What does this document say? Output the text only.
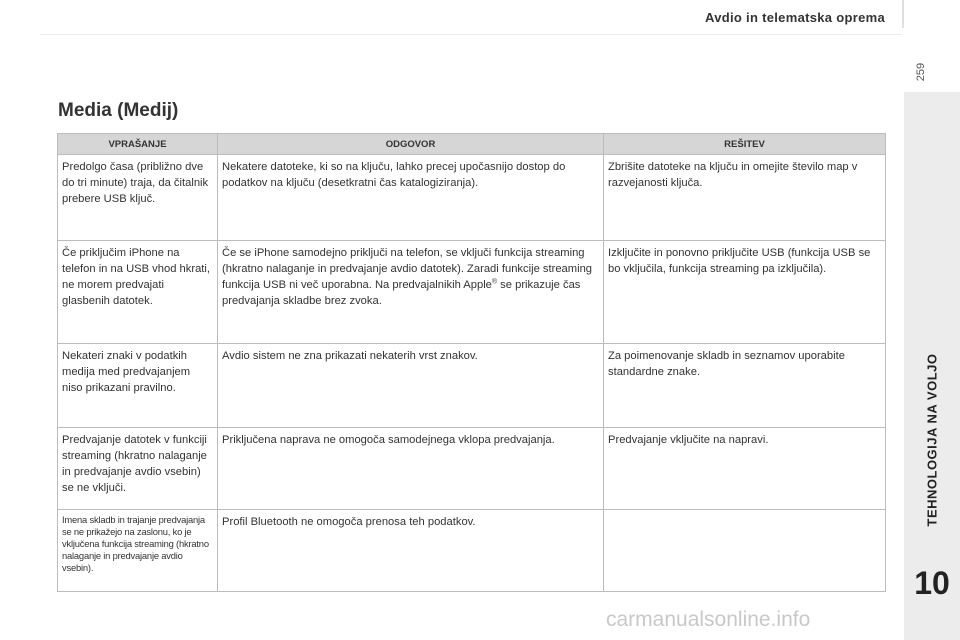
Avdio in telematska oprema
259
TEHNOLOGIJA NA VOLJO
10
Media (Medij)
VPRAŠANJE	ODGOVOR	REŠITEV
Predolgo časa (približno dve do tri minute) traja, da čitalnik prebere USB ključ.	Nekatere datoteke, ki so na ključu, lahko precej upočasnijo dostop do podatkov na ključu (desetkratni čas katalogiziranja).	Zbrišite datoteke na ključu in omejite število map v razvejanosti ključa.
Če priključim iPhone na telefon in na USB vhod hkrati, ne morem predvajati glasbenih datotek.	Če se iPhone samodejno priključi na telefon, se vključi funkcija streaming (hkratno nalaganje in predvajanje avdio datotek). Zaradi funkcije streaming funkcija USB ni več uporabna. Na predvajalnikih Apple® se prikazuje čas predvajanja skladbe brez zvoka.	Izključite in ponovno priključite USB (funkcija USB se bo vključila, funkcija streaming pa izključila).
Nekateri znaki v podatkih medija med predvajanjem niso prikazani pravilno.	Avdio sistem ne zna prikazati nekaterih vrst znakov.	Za poimenovanje skladb in seznamov uporabite standardne znake.
Predvajanje datotek v funkciji streaming (hkratno nalaganje in predvajanje avdio vsebin) se ne vključi.	Priključena naprava ne omogoča samodejnega vklopa predvajanja.	Predvajanje vključite na napravi.
Imena skladb in trajanje predvajanja se ne prikažejo na zaslonu, ko je vključena funkcija streaming (hkratno nalaganje in predvajanje avdio vsebin).	Profil Bluetooth ne omogoča prenosa teh podatkov.	
carmanualsonline.info
